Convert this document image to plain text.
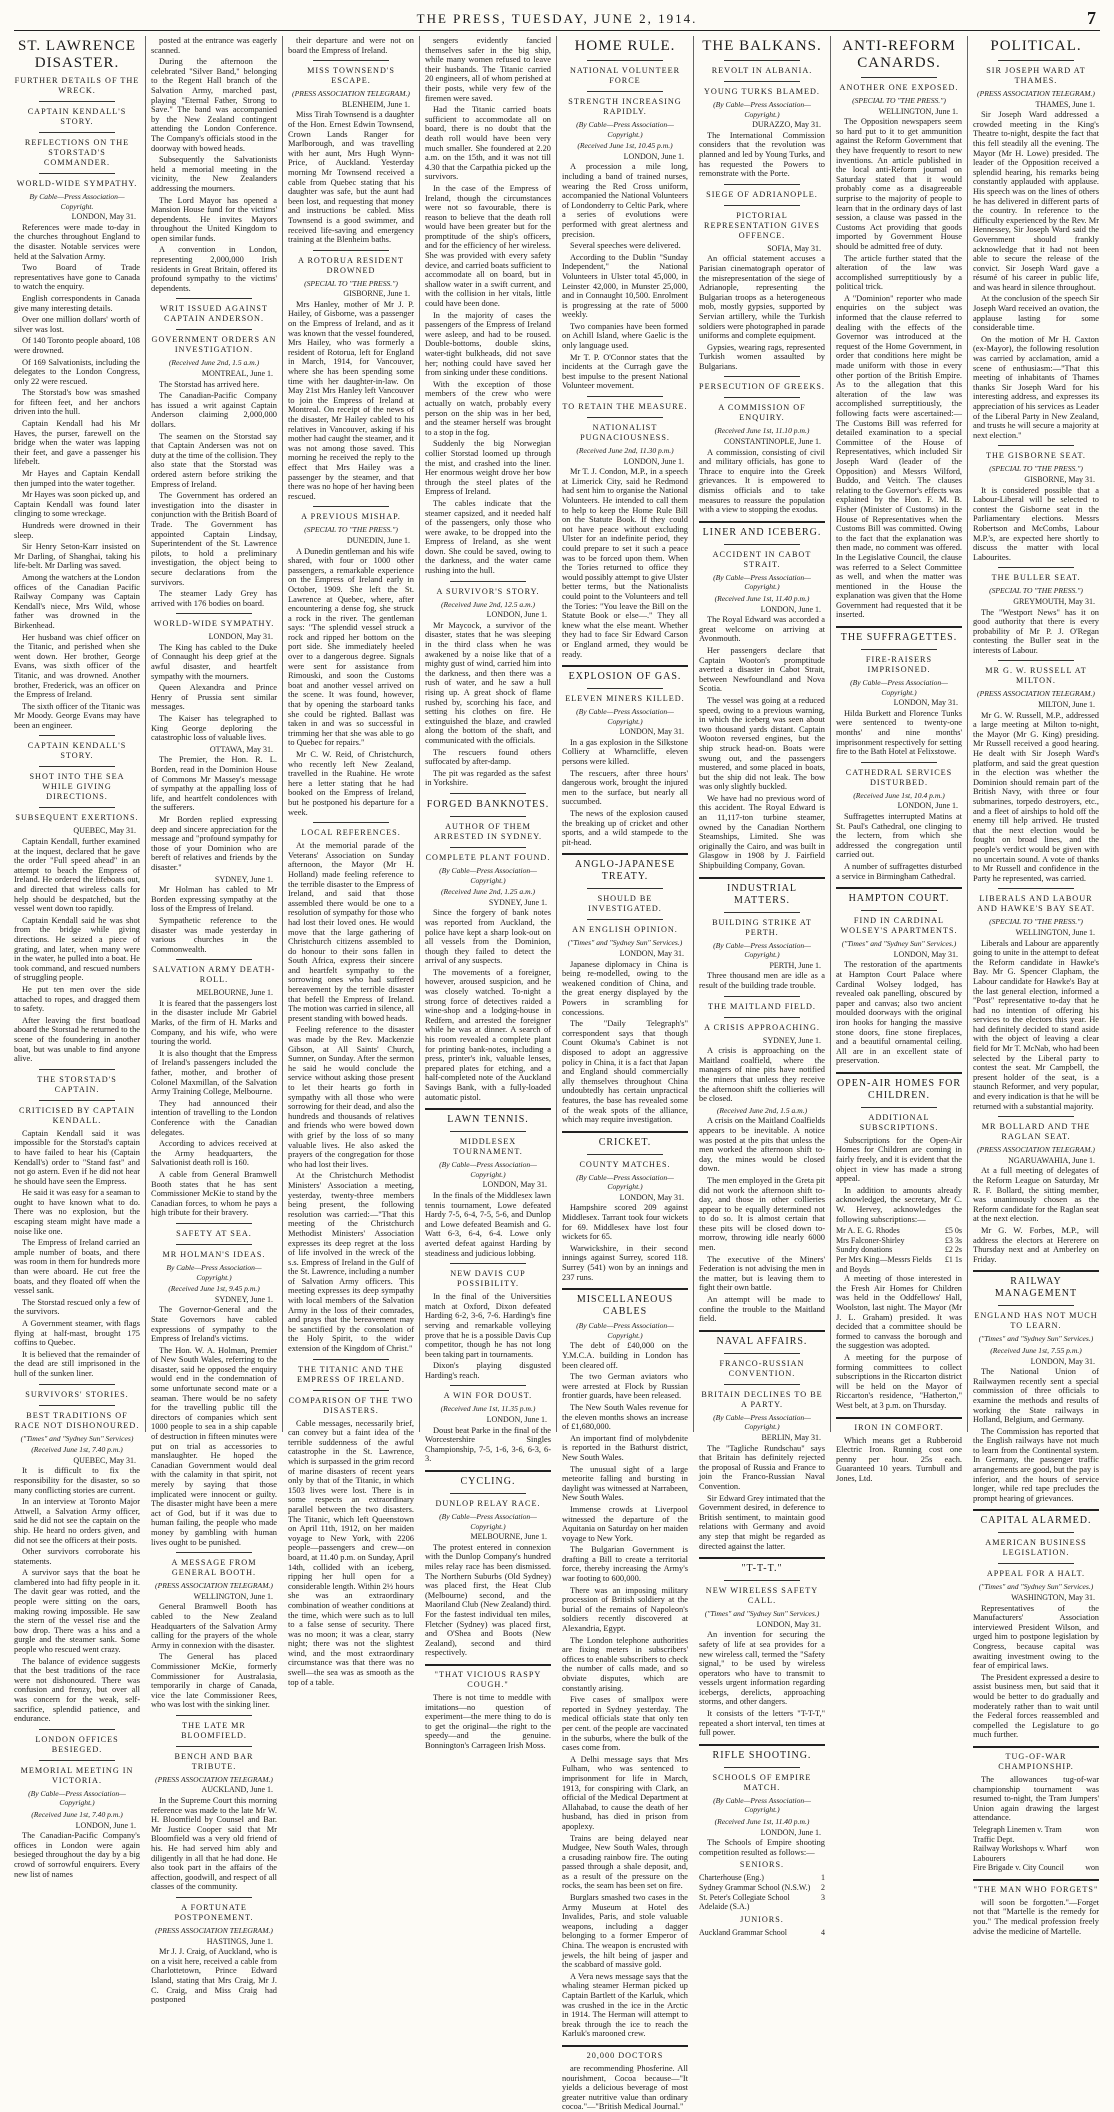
THE PRESS, TUESDAY, JUNE 2, 1914.	7
ST. LAWRENCE DISASTER.
FURTHER DETAILS OF THE WRECK.
CAPTAIN KENDALL'S STORY.
REFLECTIONS ON THE STORSTAD'S COMMANDER.
WORLD-WIDE SYMPATHY.
By Cable—Press Association—Copyright.
LONDON, May 31.

References were made to-day in the churches throughout England to the disaster. Notable services were held at the Salvation Army.

Two Board of Trade representatives have gone to Canada to watch the enquiry.

English correspondents in Canada give many interesting details.

Over one million dollars' worth of silver was lost.

Of 140 Toronto people aboard, 108 were drowned.

Of 169 Salvationists, including the delegates to the London Congress, only 22 were rescued.

The Storstad's bow was smashed for fifteen feet, and her anchors driven into the hull.

Captain Kendall had his Mr Haves, the purser, farewell on the bridge when the water was lapping their feet, and gave a passenger his lifebelt.

Mr Hayes and Captain Kendall then jumped into the water together.

Mr Hayes was soon picked up, and Captain Kendall was found later clinging to some wreckage.

Hundreds were drowned in their sleep.

Sir Henry Seton-Karr insisted on Mr Darling, of Shanghai, taking his life-belt. Mr Darling was saved.

Among the watchers at the London offices of the Canadian Pacific Railway Company was Captain Kendall's niece, Mrs Wild, whose father was drowned in the Birkenhead.

Her husband was chief officer on the Titanic, and perished when she went down. Her brother, George Evans, was sixth officer of the Titanic, and was drowned. Another brother, Frederick, was an officer on the Empress of Ireland.

The sixth officer of the Titanic was Mr Moody. George Evans may have been an engineer.

CAPTAIN KENDALL'S STORY.
SHOT INTO THE SEA WHILE GIVING DIRECTIONS.
SUBSEQUENT EXERTIONS.
QUEBEC, May 31.

Captain Kendall, further examined at the inquest, declared that he gave the order "Full speed ahead" in an attempt to beach the Empress of Ireland. He ordered the lifeboats out, and directed that wireless calls for help should be despatched, but the vessel went down too rapidly.

Captain Kendall said he was shot from the bridge while giving directions. He seized a piece of grating, and later, when many were in the water, he pulled into a boat. He took command, and rescued numbers of struggling people.

He put ten men over the side attached to ropes, and dragged them to safety.

After leaving the first boatload aboard the Storstad he returned to the scene of the foundering in another boat, but was unable to find anyone alive.

THE STORSTAD'S CAPTAIN.
CRITICISED BY CAPTAIN KENDALL.

Captain Kendall said it was impossible for the Storstad's captain to have failed to hear his (Captain Kendall's) order to "Stand fast" and not go astern. Even if he did not hear he should have seen the Empress.

He said it was easy for a seaman to ought to have known what to do. There was no explosion, but the escaping steam might have made a noise like one.

The Empress of Ireland carried an ample number of boats, and there was room in them for hundreds more than were aboard. He cut free the boats, and they floated off when the vessel sank.

The Storstad rescued only a few of the survivors.

A Government steamer, with flags flying at half-mast, brought 175 coffins to Quebec.

It is believed that the remainder of the dead are still imprisoned in the hull of the sunken liner.

SURVIVORS' STORIES.
BEST TRADITIONS OF RACE NOT DISHONOURED.
("Times" and "Sydney Sun" Services)
(Received June 1st, 7.40 p.m.)
QUEBEC, May 31.

It is difficult to fix the responsibility for the disaster, so so many conflicting stories are current.

In an interview at Toronto Major Attwell, a Salvation Army officer, said he did not see the captain on the ship. He heard no orders given, and did not see the officers at their posts.

Other survivors corroborate his statements.

A survivor says that the boat he clambered into had fifty people in it. The davit gear was rotted, and the people were sitting on the oars, making rowing impossible. He saw the stern of the vessel rise and the bow drop. There was a hiss and a gurgle and the steamer sank. Some people who rescued went crazy.

The balance of evidence suggests that the best traditions of the race were not dishonoured. There was confusion and frenzy, but over all was concern for the weak, self-sacrifice, splendid patience, and endurance.

LONDON OFFICES BESIEGED.
MEMORIAL MEETING IN VICTORIA.
(By Cable—Press Association—Copyright.)
(Received June 1st, 7.40 p.m.)
LONDON, June 1.

The Canadian-Pacific Company's offices in London were again besieged throughout the day by a big crowd of sorrowful enquirers. Every new list of names

posted at the entrance was eagerly scanned.

During the afternoon the celebrated "Silver Band," belonging to the Regent Hall branch of the Salvation Army, marched past, playing "Eternal Father, Strong to Save." The band was accompanied by the New Zealand contingent attending the London Conference. The Company's officials stood in the doorway with bowed heads.

Subsequently the Salvationists held a memorial meeting in the vicinity, the New Zealanders addressing the mourners.

The Lord Mayor has opened a Mansion House fund for the victims' dependents. He invites Mayors throughout the United Kingdom to open similar funds.

A convention in London, representing 2,000,000 Irish residents in Great Britain, offered its profound sympathy to the victims' dependents.

WRIT ISSUED AGAINST CAPTAIN ANDERSON.
GOVERNMENT ORDERS AN INVESTIGATION.
(Received June 2nd, 1.5 a.m.)
MONTREAL, June 1.

The Storstad has arrived here.

The Canadian-Pacific Company has issued a writ against Captain Anderson claiming 2,000,000 dollars.

The seamen on the Storstad say that Captain Andersen was not on duty at the time of the collision. They also state that the Storstad was ordered astern before striking the Empress of Ireland.

The Government has ordered an investigation into the disaster in conjunction with the British Board of Trade. The Government has appointed Captain Lindsay, Superintendent of the St. Lawrence pilots, to hold a preliminary investigation, the object being to secure declarations from the survivors.

The steamer Lady Grey has arrived with 176 bodies on board.

WORLD-WIDE SYMPATHY.
LONDON, May 31.

The King has cabled to the Duke of Connaught his deep grief at the awful disaster, and heartfelt sympathy with the mourners.

Queen Alexandra and Prince Henry of Prussia sent similar messages.

The Kaiser has telegraphed to King George deploring the catastrophic loss of valuable lives.

OTTAWA, May 31.

The Premier, the Hon. R. L. Borden, read in the Dominion House of Commons Mr Massey's message of sympathy at the appalling loss of life, and heartfelt condolences with the sufferers.

Mr Borden replied expressing deep and sincere appreciation for the message and "profound sympathy for those of your Dominion who are bereft of relatives and friends by the disaster."

SYDNEY, June 1.

Mr Holman has cabled to Mr Borden expressing sympathy at the loss of the Empress of Ireland.

Sympathetic reference to the disaster was made yesterday in various churches in the Commonwealth.

SALVATION ARMY DEATH-ROLL.
MELBOURNE, June 1.

It is feared that the passengers lost in the disaster include Mr Gabriel Marks, of the firm of H. Marks and Company, and his wife, who were touring the world.

It is also thought that the Empress of Ireland's passengers included the father, mother, and brother of Colonel Maxmillan, of the Salvation Army Training College, Melbourne.

They had announced their intention of travelling to the London Conference with the Canadian delegates.

According to advices received at the Army headquarters, the Salvationist death roll is 160.

A cable from General Bramwell Booth states that he has sent Commissioner McKie to stand by the Canadian forces, to whom he pays a high tribute for their bravery.

SAFETY AT SEA.
MR HOLMAN'S IDEAS.
By Cable—Press Association—Copyright.)
(Received June 1st, 9.45 p.m.)
SYDNEY, June 1.

The Governor-General and the State Governors have cabled expressions of sympathy to the Empress of Ireland's victims.

The Hon. W. A. Holman, Premier of New South Wales, referring to the disaster, said he opposed the enquiry would end in the condemnation of some unfortunate second mate or a seaman. There would be no safety for the travelling public till the directors of companies which sent 1000 people to sea in a ship capable of destruction in fifteen minutes were put on trial as accessories to manslaughter. He hoped the Canadian Government would deal with the calamity in that spirit, not merely by saying that those implicated were innocent or guilty. The disaster might have been a mere act of God, but if it was due to human failing, the people who made money by gambling with human lives ought to be punished.

A MESSAGE FROM GENERAL BOOTH.
(PRESS ASSOCIATION TELEGRAM.)
WELLINGTON, June 1.

General Bramwell Booth has cabled to the New Zealand Headquarters of the Salvation Army calling for the prayers of the whole Army in connexion with the disaster.

The General has placed Commissioner McKie, formerly Commissioner for Australasia, temporarily in charge of Canada, vice the late Commissioner Rees, who was lost with the sinking liner.

THE LATE MR BLOOMFIELD.
BENCH AND BAR TRIBUTE.
(PRESS ASSOCIATION TELEGRAM.)
AUCKLAND, June 1.

In the Supreme Court this morning reference was made to the late Mr W. H. Bloomfield by Counsel and Bar. Mr Justice Cooper said that Mr Bloomfield was a very old friend of his. He had served him ably and diligently in all that he had done. He also took part in the affairs of the affection, goodwill, and respect of all classes of the community.

A FORTUNATE POSTPONEMENT.
(PRESS ASSOCIATION TELEGRAM.)
HASTINGS, June 1.

Mr J. J. Craig, of Auckland, who is on a visit here, received a cable from Charlottetown, Prince Edward Island, stating that Mrs Craig, Mr J. C. Craig, and Miss Craig had postponed

their departure and were not on board the Empress of Ireland.

MISS TOWNSEND'S ESCAPE.
(PRESS ASSOCIATION TELEGRAM.)
BLENHEIM, June 1.

Miss Tirah Townsend is a daughter of the Hon. Ernest Edwin Townsend, Crown Lands Ranger for Marlborough, and was travelling with her aunt, Mrs Hugh Wynn-Price, of Auckland. Yesterday morning Mr Townsend received a cable from Quebec stating that his daughter was safe, but the aunt had been lost, and requesting that money and instructions be cabled. Miss Townsend is a good swimmer, and received life-saving and emergency training at the Blenheim baths.

A ROTORUA RESIDENT DROWNED
(SPECIAL TO "THE PRESS.")
GISBORNE, June 1.

Mrs Hanley, mother of Mr J. P. Hailey, of Gisborne, was a passenger on the Empress of Ireland, and as it was known that the vessel foundered, Mrs Hailey, who was formerly a resident of Rotorua, left for England in March, 1914, for Vancouver, where she has been spending some time with her daughter-in-law. On May 21st Mrs Hanley left Vancouver to join the Empress of Ireland at Montreal. On receipt of the news of the disaster, Mr Hailey cabled to his relatives in Vancouver, asking if his mother had caught the steamer, and it was not among those saved. This morning he received the reply to the effect that Mrs Hailey was a passenger by the steamer, and that there was no hope of her having been rescued.

A PREVIOUS MISHAP.
(SPECIAL TO "THE PRESS.")
DUNEDIN, June 1.

A Dunedin gentleman and his wife shared, with four or 1000 other passengers, a remarkable experience on the Empress of Ireland early in October, 1909. She left the St. Lawrence at Quebec, where, after encountering a dense fog, she struck a rock in the river. The gentleman says: "The splendid vessel struck a rock and ripped her bottom on the port side. She immediately heeled over to a dangerous degree. Signals were sent for assistance from Rimouski, and soon the Customs boat and another vessel arrived on the scene. It was found, however, that by opening the starboard tanks she could be righted. Ballast was taken in and was so successful in trimming her that she was able to go to Quebec for repairs."

Mr C. W. Reid, of Christchurch, who recently left New Zealand, travelled in the Ruahine. He wrote here a letter stating that he had booked on the Empress of Ireland, but he postponed his departure for a week.

LOCAL REFERENCES.

At the memorial parade of the Veterans' Association on Sunday afternoon, the Mayor (Mr H. Holland) made feeling reference to the terrible disaster to the Empress of Ireland, and said that those assembled there would be one to a resolution of sympathy for those who had lost their loved ones. He would move that the large gathering of Christchurch citizens assembled to do honour to their sons fallen in South Africa, express their sincere and heartfelt sympathy to the sorrowing ones who had suffered bereavement by the terrible disaster that befell the Empress of Ireland. The motion was carried in silence, all present standing with bowed heads.

Feeling reference to the disaster was made by the Rev. Mackenzie Gibson, at All Saints' Church, Sumner, on Sunday. After the sermon he said he would conclude the service without asking those present to let their hearts go forth in sympathy with all those who were sorrowing for their dead, and also the hundreds and thousands of relatives and friends who were bowed down with grief by the loss of so many valuable lives. He also asked the prayers of the congregation for those who had lost their lives.

At the Christchurch Methodist Ministers' Association a meeting, yesterday, twenty-three members being present, the following resolution was carried:—"That this meeting of the Christchurch Methodist Ministers' Association expresses its deep regret at the loss of life involved in the wreck of the s.s. Empress of Ireland in the Gulf of the St. Lawrence, including a number of Salvation Army officers. This meeting expresses its deep sympathy with local members of the Salvation Army in the loss of their comrades, and prays that the bereavement may be sanctified by the consolation of the Holy Spirit, to the wider extension of the Kingdom of Christ."

THE TITANIC AND THE EMPRESS OF IRELAND.
COMPARISON OF THE TWO DISASTERS.

Cable messages, necessarily brief, can convey but a faint idea of the terrible suddenness of the awful catastrophe in the St. Lawrence, which is surpassed in the grim record of marine disasters of recent years only by that of the Titanic, in which 1503 lives were lost. There is in some respects an extraordinary parallel between the two disasters. The Titanic, which left Queenstown on April 11th, 1912, on her maiden voyage to New York, with 2206 people—passengers and crew—on board, at 11.40 p.m. on Sunday, April 14th, collided with an iceberg, ripping her hull open for a considerable length. Within 2½ hours she was an extraordinary combination of weather conditions at the time, which were such as to lull to a false sense of security. There was no moon; it was a clear, starry night; there was not the slightest wind, and the most extraordinary circumstance was that there was no swell—the sea was as smooth as the top of a table.

sengers evidently fancied themselves safer in the big ship, while many women refused to leave their husbands. The Titanic carried 20 engineers, all of whom perished at their posts, while very few of the firemen were saved.

Had the Titanic carried boats sufficient to accommodate all on board, there is no doubt that the death roll would have been very much smaller. She foundered at 2.20 a.m. on the 15th, and it was not till 4.30 that the Carpathia picked up the survivors.

In the case of the Empress of Ireland, though the circumstances were not so favourable, there is reason to believe that the death roll would have been greater but for the promptitude of the ship's officers, and for the efficiency of her wireless. She was provided with every safety device, and carried boats sufficient to accommodate all on board, but in shallow water in a swift current, and with the collision in her vitals, little could have been done.

In the majority of cases the passengers of the Empress of Ireland were asleep, and had to be roused. Double-bottoms, double skins, water-tight bulkheads, did not save her; nothing could have saved her from sinking under these conditions.

With the exception of those members of the crew who were actually on watch, probably every person on the ship was in her bed, and the steamer herself was brought to a stop in the fog.

Suddenly the big Norwegian collier Storstad loomed up through the mist, and crashed into the liner. Her enormous weight drove her bow through the steel plates of the Empress of Ireland.

The cables indicate that the steamer capsized, and it needed half of the passengers, only those who were awake, to be dropped into the Empress of Ireland, as she went down. She could be saved, owing to the darkness, and the water came rushing into the hull.

A SURVIVOR'S STORY.
(Received June 2nd, 12.5 a.m.)
LONDON, June 1.

Mr Maycock, a survivor of the disaster, states that he was sleeping in the third class when he was awakened by a noise like that of a mighty gust of wind, carried him into the darkness, and then there was a rush of water, and he saw a hull rising up. A great shock of flame rushed by, scorching his face, and setting his clothes on fire. He extinguished the blaze, and crawled along the bottom of the shaft, and communicated with the officials.

The rescuers found others suffocated by after-damp.

The pit was regarded as the safest in Yorkshire.

FORGED BANKNOTES.
AUTHOR OF THEM ARRESTED IN SYDNEY.
COMPLETE PLANT FOUND.
(By Cable—Press Association—Copyright.)
(Received June 2nd, 1.25 a.m.)
SYDNEY, June 1.

Since the forgery of bank notes was reported from Auckland, the police have kept a sharp look-out on all vessels from the Dominion, though they failed to detect the arrival of any suspects.

The movements of a foreigner, however, aroused suspicion, and he was closely watched. To-night a strong force of detectives raided a wine-shop and a lodging-house in Redfern, and arrested the foreigner while he was at dinner. A search of his room revealed a complete plant for printing bank-notes, including a press, printer's ink, valuable lenses, prepared plates for etching, and a half-completed note of the Auckland Savings Bank, with a fully-loaded automatic pistol.

LAWN TENNIS.
MIDDLESEX TOURNAMENT.
(By Cable—Press Association—Copyright.)
LONDON, May 31.

In the finals of the Middlesex lawn tennis tournament, Lowe defeated Hardy 7-5, 6-4, 7-5, 5-6, and Dunlop and Lowe defeated Beamish and G. Watt 6-3, 6-4, 6-4. Lowe only averted defeat against Harding by steadiness and judicious lobbing.

NEW DAVIS CUP POSSIBILITY.

In the final of the Universities match at Oxford, Dixon defeated Harding 6-2, 3-6, 7-6. Harding's fine serving and remarkable volleying prove that he is a possible Davis Cup competitor, though he has not long been taking part in tournaments.

Dixon's playing disgusted Harding's reach.

A WIN FOR DOUST.
(Received June 1st, 11.35 p.m.)
LONDON, June 1.

Doust beat Parke in the final of the Worcestershire Singles Championship, 7-5, 1-6, 3-6, 6-3, 6-3.

CYCLING.
DUNLOP RELAY RACE.
(By Cable—Press Association—Copyright.)
MELBOURNE, June 1.

The protest entered in connexion with the Dunlop Company's hundred miles relay race has been dismissed. The Northern Suburbs (Old Sydney) was placed first, the Heat Club (Melbourne) second, and the Maoriland Club (New Zealand) third. For the fastest individual ten miles, Fletcher (Sydney) was placed first, and O'Shea and Boots (New Zealand), second and third respectively.

"THAT VICIOUS RASPY COUGH."

There is not time to meddle with imitations—no question of experiment—the mere thing to do is to get the original—the right to the speedy—and the genuine. Bonnington's Carrageen Irish Moss.

HOME RULE.
NATIONAL VOLUNTEER FORCE
STRENGTH INCREASING RAPIDLY.
(By Cable—Press Association—Copyright.)
(Received June 1st, 10.45 p.m.)
LONDON, June 1.

A procession a mile long, including a band of trained nurses, wearing the Red Cross uniform, accompanied the National Volunteers of Londonderry to Celtic Park, where a series of evolutions were performed with great alertness and precision.

Several speeches were delivered.

According to the Dublin "Sunday Independent," the National Volunteers in Ulster total 45,000, in Leinster 42,000, in Munster 25,000, and in Connaught 10,500. Enrolment is progressing at the rate of 5000 weekly.

Two companies have been formed on Achill Island, where Gaelic is the only language used.

Mr T. P. O'Connor states that the incidents at the Curragh gave the best impulse to the present National Volunteer movement.

TO RETAIN THE MEASURE.
NATIONALIST PUGNACIOUSNESS.
(Received June 2nd, 11.30 p.m.)
LONDON, June 1.

Mr T. J. Condon, M.P., in a speech at Limerick City, said he Redmond had sent him to organise the National Volunteers. He intended to call them to help to keep the Home Rule Bill on the Statute Book. If they could not have peace without excluding Ulster for an indefinite period, they could prepare to set it such a peace was to be forced upon them. When the Tories returned to office they would possibly attempt to give Ulster better terms, but the Nationalists could point to the Volunteers and tell the Tories: "You leave the Bill on the Statute Book or else—." They all knew what the else meant. Whether they had to face Sir Edward Carson or England armed, they would be ready.

EXPLOSION OF GAS.
ELEVEN MINERS KILLED.
(By Cable—Press Association—Copyright.)
LONDON, May 31.

In a gas explosion in the Silkstone Colliery at Wharncliffe, eleven persons were killed.

The rescuers, after three hours' dangerous work, brought the injured men to the surface, but nearly all succumbed.

The news of the explosion caused the breaking up of cricket and other sports, and a wild stampede to the pit-head.

ANGLO-JAPANESE TREATY.
SHOULD BE INVESTIGATED.
AN ENGLISH OPINION.
("Times" and "Sydney Sun" Services.)
LONDON, May 31.

Japanese diplomacy in China is being re-modelled, owing to the weakened condition of China, and the great energy displayed by the Powers in scrambling for concessions.

The "Daily Telegraph's" correspondent says that though Count Okuma's Cabinet is not disposed to adopt an aggressive policy in China, it is a fact that Japan and England should commercially ally themselves throughout China undoubtedly has certain unpractical features, the base has revealed some of the weak spots of the alliance, which may require investigation.

CRICKET.
COUNTY MATCHES.
(By Cable—Press Association—Copyright.)
LONDON, May 31.

Hampshire scored 209 against Middlesex. Tarrant took four wickets for 69. Middlesex have lost four wickets for 65.

Warwickshire, in their second innings against Surrey, scored 118. Surrey (541) won by an innings and 237 runs.

MISCELLANEOUS CABLES
(By Cable—Press Association—Copyright.)

The debt of £40,000 on the Y.M.C.A. building in London has been cleared off.

The two German aviators who were arrested at Flock by Russian frontier guards, have been released.

The New South Wales revenue for the eleven months shows an increase of £1,680,000.

An important find of molybdenite is reported in the Bathurst district, New South Wales.

The unusual sight of a large meteorite falling and bursting in daylight was witnessed at Narrabeen, New South Wales.

Immense crowds at Liverpool witnessed the departure of the Aquitania on Saturday on her maiden voyage to New York.

The Bulgarian Government is drafting a Bill to create a territorial force, thereby increasing the Army's war footing to 600,000.

There was an imposing military procession of British soldiery at the burial of the remains of Napoleon's soldiers recently discovered at Alexandria, Egypt.

The London telephone authorities are fixing meters in subscribers' offices to enable subscribers to check the number of calls made, and so obviate disputes, which are constantly arising.

Five cases of smallpox were reported in Sydney yesterday. The medical officials state that only ten per cent. of the people are vaccinated in the suburbs, where the bulk of the cases come from.

A Delhi message says that Mrs Fulham, who was sentenced to imprisonment for life in March, 1913, for conspiring with Clark, an official of the Medical Department at Allahabad, to cause the death of her husband, has died in prison from apoplexy.

Trains are being delayed near Mudgee, New South Wales, through a crusading rainbow fire. The outing passed through a shale deposit, and, as a result of the pressure on the rocks, the seam has been set on fire.

Burglars smashed two cases in the Army Museum at Hotel des Invalides, Paris, and stole valuable weapons, including a dagger belonging to a former Emperor of China. The weapon is encrusted with jewels, the hilt being of jasper and the scabbard of massive gold.

A Vera news message says that the whaling steamer Herman picked up Captain Bartlett of the Karluk, which was crushed in the ice in the Arctic in 1914. The Herman will attempt to break through the ice to reach the Karluk's marooned crew.

20,000 DOCTORS

are recommending Phosferine. All nourishment, Cocoa because—"It yields a delicious beverage of most greater nutritive value than ordinary cocoa."—"British Medical Journal."

THE BALKANS.
REVOLT IN ALBANIA.
YOUNG TURKS BLAMED.
(By Cable—Press Association—Copyright.)
DURAZZO, May 31.

The International Commission considers that the revolution was planned and led by Young Turks, and has requested the Powers to remonstrate with the Porte.

SIEGE OF ADRIANOPLE.
PICTORIAL REPRESENTATION GIVES OFFENCE.
SOFIA, May 31.

An official statement accuses a Parisian cinematograph operator of the misrepresentation of the siege of Adrianople, representing the Bulgarian troops as a heterogeneous mob, mostly gypsies, supported by Servian artillery, while the Turkish soldiers were photographed in parade uniforms and complete equipment.

Gypsies, wearing rags, represented Turkish women assaulted by Bulgarians.

PERSECUTION OF GREEKS.
A COMMISSION OF ENQUIRY.
(Received June 1st, 11.10 p.m.)
CONSTANTINOPLE, June 1.

A commission, consisting of civil and military officials, has gone to Thrace to enquire into the Greek grievances. It is empowered to dismiss officials and to take measures to reassure the population with a view to stopping the exodus.

LINER AND ICEBERG.
ACCIDENT IN CABOT STRAIT.
(By Cable—Press Association—Copyright.)
(Received June 1st, 11.40 p.m.)
LONDON, June 1.

The Royal Edward was accorded a great welcome on arriving at Avonmouth.

Her passengers declare that Captain Wooton's promptitude averted a disaster in Cabot Strait, between Newfoundland and Nova Scotia.

The vessel was going at a reduced speed, owing to a previous warning, in which the iceberg was seen about two thousand yards distant. Captain Wooton reversed engines, but the ship struck head-on. Boats were swung out, and the passengers mustered, and some placed in boats, but the ship did not leak. The bow was only slightly buckled.

We have had no previous word of this accident. The Royal Edward is an 11,117-ton turbine steamer, owned by the Canadian Northern Steamships, Limited. She was originally the Cairo, and was built in Glasgow in 1908 by J. Fairfield Shipbuilding Company, Govan.

INDUSTRIAL MATTERS.
BUILDING STRIKE AT PERTH.
(By Cable—Press Association—Copyright.)
PERTH, June 1.

Three thousand men are idle as a result of the building trade trouble.

THE MAITLAND FIELD.
A CRISIS APPROACHING.
SYDNEY, June 1.

A crisis is approaching on the Maitland coalfield, where the managers of nine pits have notified the miners that unless they receive the afternoon shift the collieries will be closed.

(Received June 2nd, 1.5 a.m.)

A crisis on the Maitland Coalfields appears to be inevitable. A notice was posted at the pits that unless the men worked the afternoon shift to-day, the mines would be closed down.

The men employed in the Greta pit did not work the afternoon shift to-day, and those in other collieries appear to be equally determined not to do so. It is almost certain that these pits will be closed down to-morrow, throwing idle nearly 6000 men.

The executive of the Miners' Federation is not advising the men in the matter, but is leaving them to fight their own battle.

An attempt will be made to confine the trouble to the Maitland field.

NAVAL AFFAIRS.
FRANCO-RUSSIAN CONVENTION.
BRITAIN DECLINES TO BE A PARTY.
(By Cable—Press Association—Copyright.)
BERLIN, May 31.

The "Tagliche Rundschau" says that Britain has definitely rejected the proposal of Russia and France to join the Franco-Russian Naval Convention.

Sir Edward Grey intimated that the Government desired, in deference to British sentiment, to maintain good relations with Germany and avoid any step that might be regarded as directed against the latter.

"T-T-T."
NEW WIRELESS SAFETY CALL.
("Times" and "Sydney Sun" Services.)
LONDON, May 31.

An invention for securing the safety of life at sea provides for a new wireless call, termed the "Safety signal," to be used by wireless operators who have to transmit to vessels urgent information regarding icebergs, derelicts, approaching storms, and other dangers.

It consists of the letters "T-T-T," repeated a short interval, ten times at full power.

RIFLE SHOOTING.
SCHOOLS OF EMPIRE MATCH.
(By Cable—Press Association—Copyright.)
(Received June 1st, 11.40 p.m.)
LONDON, June 1.

The Schools of Empire shooting competition resulted as follows:—

SENIORS.
Charterhouse (Eng.)	1
Sydney Grammar School (N.S.W.) 2
St. Peter's Collegiate School Adelaide (S.A.)
3
JUNIORS.
Auckland Grammar School	4
ANTI-REFORM CANARDS.
ANOTHER ONE EXPOSED.
(SPECIAL TO "THE PRESS.")
WELLINGTON, June 1.

The Opposition newspapers seem so hard put to it to get ammunition against the Reform Government that they have frequently to resort to new inventions. An article published in the local anti-Reform journal on Saturday stated that it would probably come as a disagreeable surprise to the majority of people to learn that in the ordinary days of last session, a clause was passed in the Customs Act providing that goods imported by Government House should be admitted free of duty.

The article further stated that the alteration of the law was accomplished surreptitiously by a political trick.

A "Dominion" reporter who made enquiries on the subject was informed that the clause referred to dealing with the effects of the Governor was introduced at the request of the Home Government, in order that conditions here might be made uniform with those in every other portion of the British Empire. As to the allegation that this alteration of the law was accomplished surreptitiously, the following facts were ascertained:—The Customs Bill was referred for detailed examination to a special Committee of the House of Representatives, which included Sir Joseph Ward (leader of the Opposition) and Messrs Wilford, Buddo, and Veitch. The clauses relating to the Governor's effects was explained by the Hon. F. M. B. Fisher (Minister of Customs) in the House of Representatives when the Customs Bill was committed. Owing to the fact that the explanation was then made, no comment was offered. In the Legislative Council, the clause was referred to a Select Committee as well, and when the matter was mentioned in the House the explanation was given that the Home Government had requested that it be inserted.

THE SUFFRAGETTES.
FIRE-RAISERS IMPRISONED.
(By Cable—Press Association—Copyright.)
LONDON, May 31.

Hilda Burkett and Florence Tunks were sentenced to twenty-one months' and nine months' imprisonment respectively for setting fire to the Bath Hotel at Felixstowe.

CATHEDRAL SERVICES DISTURBED.
(Received June 1st, 10.4 p.m.)
LONDON, June 1.

Suffragettes interrupted Matins at St. Paul's Cathedral, one clinging to the lectern, from which she addressed the congregation until carried out.

A number of suffragettes disturbed a service in Birmingham Cathedral.

HAMPTON COURT.
FIND IN CARDINAL WOLSEY'S APARTMENTS.
("Times" and "Sydney Sun" Services.)
LONDON, May 31.

The restoration of the apartments at Hampton Court Palace where Cardinal Wolsey lodged, has revealed oak panelling, obscured by paper and canvas; also two ancient moulded doorways with the original iron hooks for hanging the massive stone doors, fine stone fireplaces, and a beautiful ornamental ceiling. All are in an excellent state of preservation.

OPEN-AIR HOMES FOR CHILDREN.
ADDITIONAL SUBSCRIPTIONS.

Subscriptions for the Open-Air Homes for Children are coming in fairly freely, and it is evident that the object in view has made a strong appeal.

In addition to amounts already acknowledged, the secretary, Mr C. W. Hervey, acknowledges the following subscriptions:—

Mr A. E. G. Rhodes	£5 0s
Mrs Falconer-Shirley	£3 3s
Sundry donations	£2 2s
Per Mrs King—Messrs Fields and Boyds
£1 1s

A meeting of those interested in the Fresh Air Homes for Children was held in the Oddfellows' Hall, Woolston, last night. The Mayor (Mr J. L. Graham) presided. It was decided that a committee should be formed to canvass the borough and the suggestion was adopted.

A meeting for the purpose of forming committees to collect subscriptions in the Riccarton district will be held on the Mayor of Riccarton's residence, "Hatherton," West belt, at 3 p.m. on Thursday.

IRON IN COMFORT.

Which means get a Rubberoid Electric Iron. Running cost one penny per hour. 25s each. Guaranteed 10 years. Turnbull and Jones, Ltd.

POLITICAL.
SIR JOSEPH WARD AT THAMES.
(PRESS ASSOCIATION TELEGRAM.)
THAMES, June 1.

Sir Joseph Ward addressed a crowded meeting in the King's Theatre to-night, despite the fact that this fell steadily all the evening. The Mayor (Mr H. Lowe) presided. The leader of the Opposition received a splendid hearing, his remarks being constantly applauded with applause. His speech was on the lines of others he has delivered in different parts of the country. In reference to the difficulty experienced by the Rev. Mr Hennessey, Sir Joseph Ward said the Government should frankly acknowledge that it had not been able to secure the release of the convict. Sir Joseph Ward gave a résumé of his career in public life, and was heard in silence throughout.

At the conclusion of the speech Sir Joseph Ward received an ovation, the applause lasting for some considerable time.

On the motion of Mr H. Caxton (ex-Mayor), the following resolution was carried by acclamation, amid a scene of enthusiasm:—"That this meeting of inhabitants of Thames thanks Sir Joseph Ward for his interesting address, and expresses its appreciation of his services as Leader of the Liberal Party in New Zealand, and trusts he will secure a majority at next election."

THE GISBORNE SEAT.
(SPECIAL TO "THE PRESS.")
GISBORNE, May 31.

It is considered possible that a Labour-Liberal will be selected to contest the Gisborne seat in the Parliamentary elections. Messrs Robertson and McCombs, Labour M.P.'s, are expected here shortly to discuss the matter with local Labourites.

THE BULLER SEAT.
(SPECIAL TO "THE PRESS.")
GREYMOUTH, May 31.

The "Westport News" has it on good authority that there is every probability of Mr P. J. O'Regan contesting the Buller seat in the interests of Labour.

MR G. W. RUSSELL AT MILTON.
(PRESS ASSOCIATION TELEGRAM.)
MILTON, June 1.

Mr G. W. Russell, M.P., addressed a large meeting at Milton to-night, the Mayor (Mr G. King) presiding. Mr Russell received a good hearing. He dealt with Sir Joseph Ward's platform, and said the great question in the election was whether the Dominion should remain part of the British Navy, with three or four submarines, torpedo destroyers, etc., and a fleet of airships to hold off the enemy till help arrived. He trusted that the next election would be fought on broad lines, and the people's verdict would be given with no uncertain sound. A vote of thanks to Mr Russell and confidence in the Party he represented, was carried.

LIBERALS AND LABOUR AND HAWKE'S BAY SEAT.
(SPECIAL TO "THE PRESS.")
WELLINGTON, June 1.

Liberals and Labour are apparently going to unite in the attempt to defeat the Reform candidate in Hawke's Bay. Mr G. Spencer Clapham, the Labour candidate for Hawke's Bay at the last general election, informed a "Post" representative to-day that he had no intention of offering his services to the electors this year. He had definitely decided to stand aside with the object of leaving a clear field for Mr T. McNab, who had been selected by the Liberal party to contest the seat. Mr Campbell, the present holder of the seat, is a staunch Reformer, and very popular, and every indication is that he will be returned with a substantial majority.

MR BOLLARD AND THE RAGLAN SEAT.
(PRESS ASSOCIATION TELEGRAM.)
NGARUAWAHIA, June 1.

At a full meeting of delegates of the Reform League on Saturday, Mr R. F. Bollard, the sitting member, was unanimously chosen as the Reform candidate for the Raglan seat at the next election.

Mr G. W. Forbes, M.P., will address the electors at Hererere on Thursday next and at Amberley on Friday.

RAILWAY MANAGEMENT
ENGLAND HAS NOT MUCH TO LEARN.
("Times" and "Sydney Sun" Services.)
(Received June 1st, 7.55 p.m.)
LONDON, May 31.

The National Union of Railwaymen recently sent a special commission of three officials to examine the methods and results of working the State railways in Holland, Belgium, and Germany.

The Commission has reported that the English railways have not much to learn from the Continental system. In Germany, the passenger traffic arrangements are good, but the pay is inferior, and the hours of service longer, while red tape precludes the prompt hearing of grievances.

CAPITAL ALARMED.
AMERICAN BUSINESS LEGISLATION.
APPEAL FOR A HALT.
("Times" and "Sydney Sun" Services.)
WASHINGTON, May 31.

Representatives of the Manufacturers' Association interviewed President Wilson, and urged him to postpone legislation by Congress, because capital was awaiting investment owing to the fear of empirical laws.

The President expressed a desire to assist business men, but said that it would be better to do gradually and moderately rather than to wait until the Federal forces reassembled and compelled the Legislature to go much further.

TUG-OF-WAR CHAMPIONSHIP.

The allowances tug-of-war championship tournament was resumed to-night, the Tram Jumpers' Union again drawing the largest attendance.

Telegraph Linemen v. Tram Traffic Dept.
won
Railway Workshops v. Wharf Labourers
won
Fire Brigade v. City Council	won
"THE MAN WHO FORGETS"

will soon be forgotten."—Forget not that "Martelle is the remedy for you." The medical profession freely advise the medicine of Martelle.
